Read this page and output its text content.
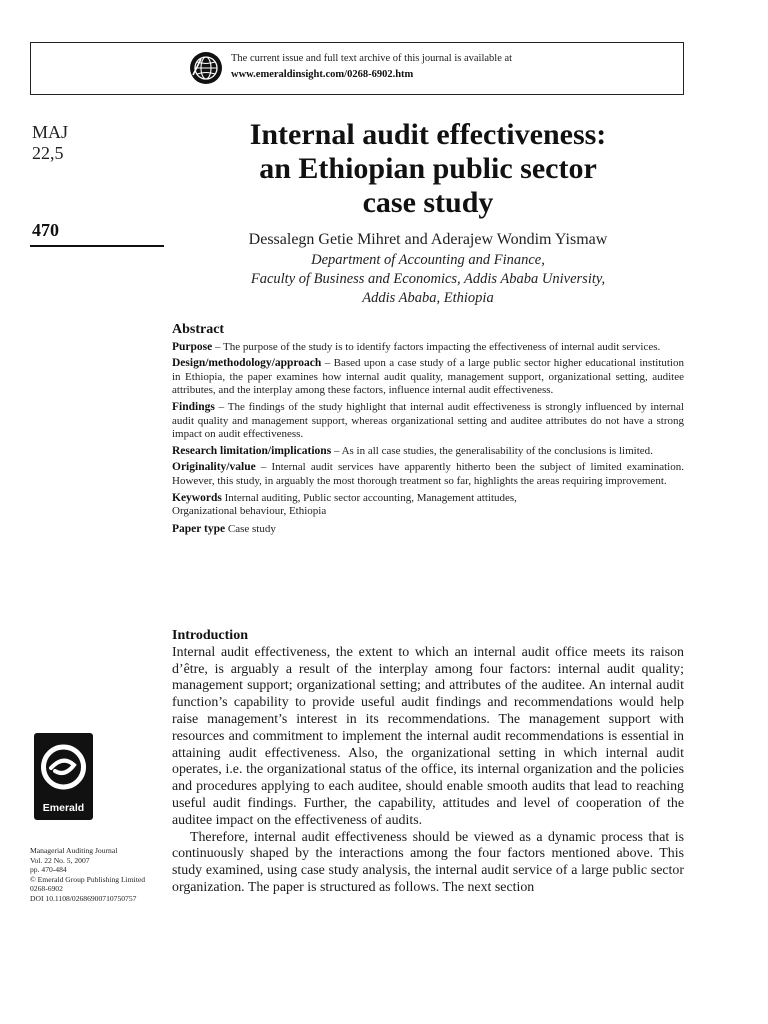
The current issue and full text archive of this journal is available at
www.emeraldinsight.com/0268-6902.htm
MAJ
22,5
470
Internal audit effectiveness:
an Ethiopian public sector
case study
Dessalegn Getie Mihret and Aderajew Wondim Yismaw
Department of Accounting and Finance,
Faculty of Business and Economics, Addis Ababa University,
Addis Ababa, Ethiopia
Abstract

Purpose – The purpose of the study is to identify factors impacting the effectiveness of internal audit services.

Design/methodology/approach – Based upon a case study of a large public sector higher educational institution in Ethiopia, the paper examines how internal audit quality, management support, organizational setting, auditee attributes, and the interplay among these factors, influence internal audit effectiveness.

Findings – The findings of the study highlight that internal audit effectiveness is strongly influenced by internal audit quality and management support, whereas organizational setting and auditee attributes do not have a strong impact on audit effectiveness.

Research limitation/implications – As in all case studies, the generalisability of the conclusions is limited.

Originality/value – Internal audit services have apparently hitherto been the subject of limited examination. However, this study, in arguably the most thorough treatment so far, highlights the areas requiring improvement.

Keywords Internal auditing, Public sector accounting, Management attitudes,
Organizational behaviour, Ethiopia
Paper type Case study
Introduction

Internal audit effectiveness, the extent to which an internal audit office meets its raison d’être, is arguably a result of the interplay among four factors: internal audit quality; management support; organizational setting; and attributes of the auditee. An internal audit function’s capability to provide useful audit findings and recommendations would help raise management’s interest in its recommendations. The management support with resources and commitment to implement the internal audit recommendations is essential in attaining audit effectiveness. Also, the organizational setting in which internal audit operates, i.e. the organizational status of the office, its internal organization and the policies and procedures applying to each auditee, should enable smooth audits that lead to reaching useful audit findings. Further, the capability, attitudes and level of cooperation of the auditee impact on the effectiveness of audits.

Therefore, internal audit effectiveness should be viewed as a dynamic process that is continuously shaped by the interactions among the four factors mentioned above. This study examined, using case study analysis, the internal audit service of a large public sector organization. The paper is structured as follows. The next section

Emerald
Managerial Auditing Journal
Vol. 22 No. 5, 2007
pp. 470-484
© Emerald Group Publishing Limited
0268-6902
DOI 10.1108/02686900710750757
